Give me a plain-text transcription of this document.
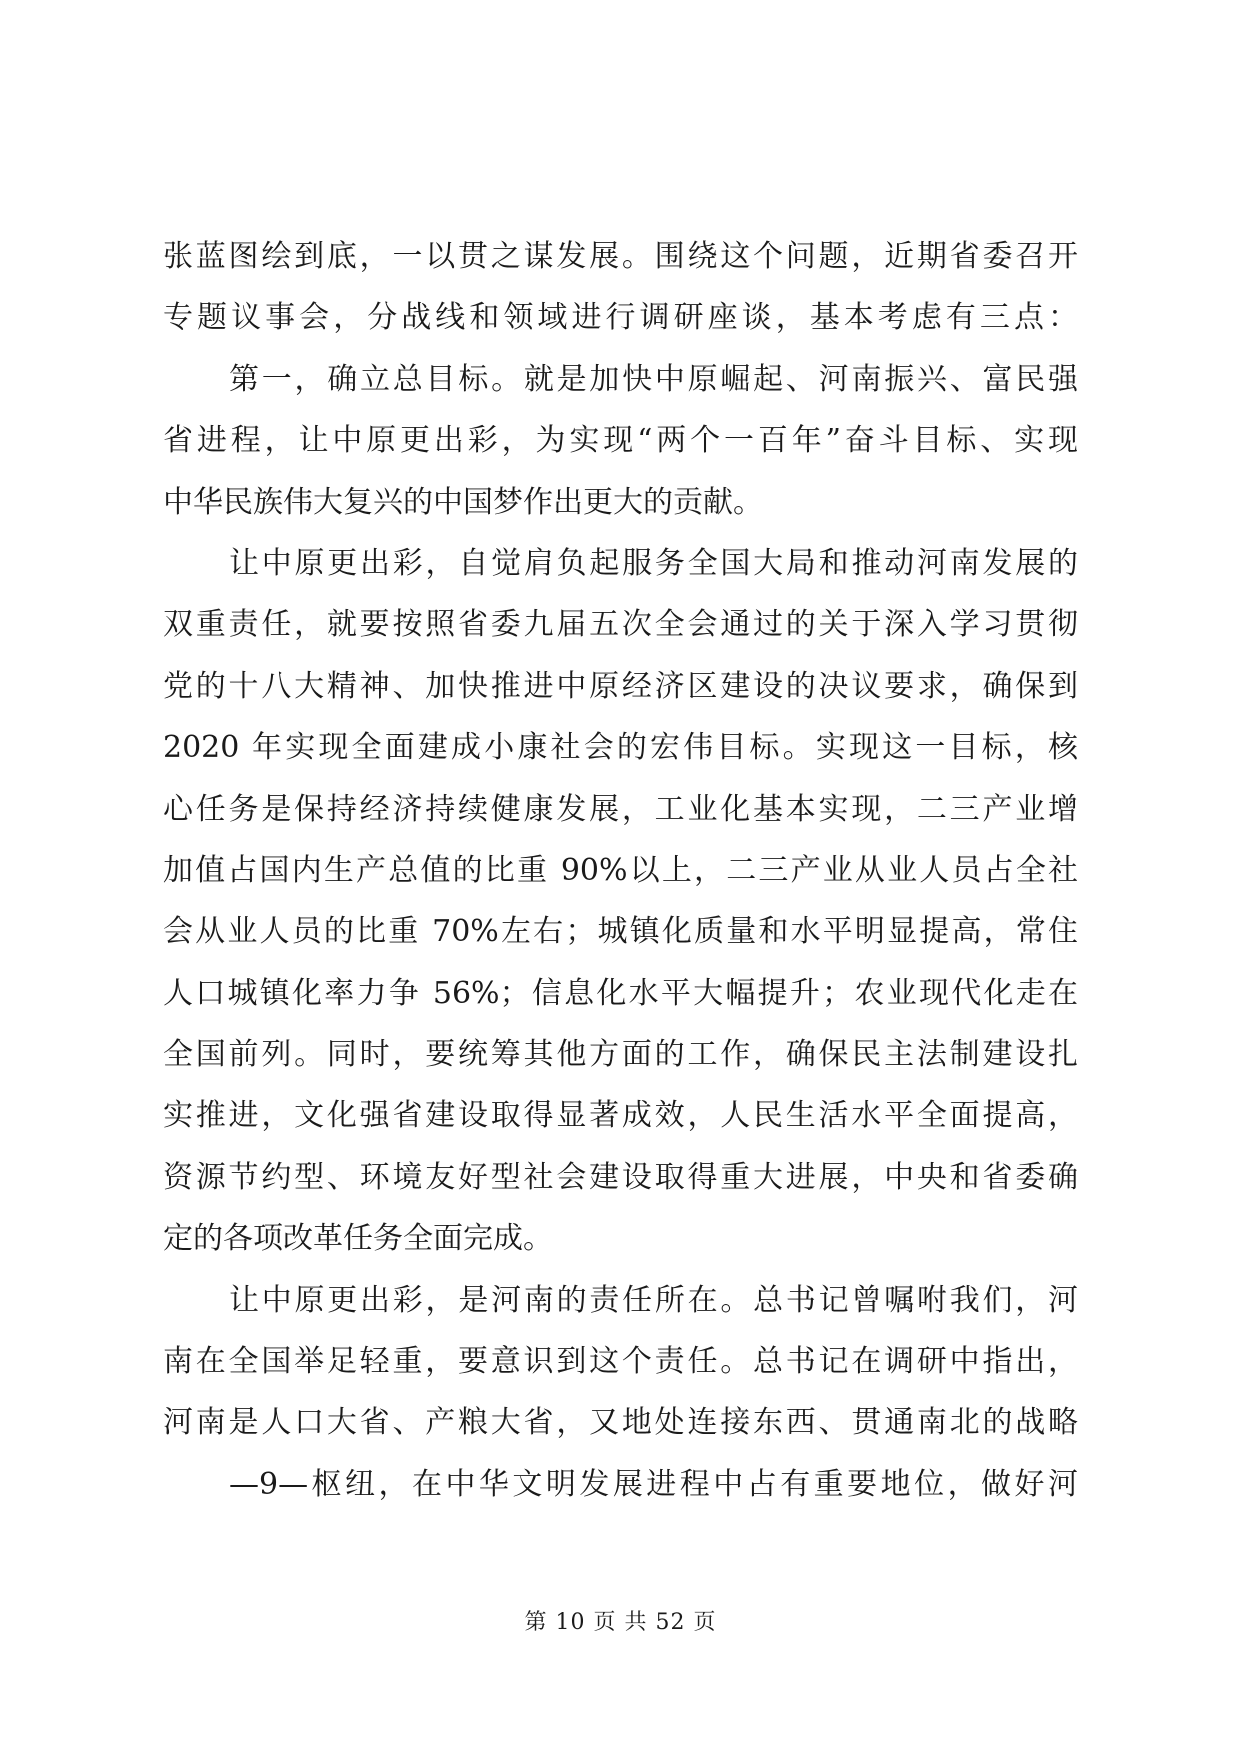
张蓝图绘到底，一以贯之谋发展。围绕这个问题，近期省委召开
专题议事会，分战线和领域进行调研座谈，基本考虑有三点：
第一，确立总目标。就是加快中原崛起、河南振兴、富民强
省进程，让中原更出彩，为实现“两个一百年”奋斗目标、实现
中华民族伟大复兴的中国梦作出更大的贡献。
让中原更出彩，自觉肩负起服务全国大局和推动河南发展的
双重责任，就要按照省委九届五次全会通过的关于深入学习贯彻
党的十八大精神、加快推进中原经济区建设的决议要求，确保到
2020 年实现全面建成小康社会的宏伟目标。实现这一目标，核
心任务是保持经济持续健康发展，工业化基本实现，二三产业增
加值占国内生产总值的比重 90%以上，二三产业从业人员占全社
会从业人员的比重 70%左右；城镇化质量和水平明显提高，常住
人口城镇化率力争 56%；信息化水平大幅提升；农业现代化走在
全国前列。同时，要统筹其他方面的工作，确保民主法制建设扎
实推进，文化强省建设取得显著成效，人民生活水平全面提高，
资源节约型、环境友好型社会建设取得重大进展，中央和省委确
定的各项改革任务全面完成。
让中原更出彩，是河南的责任所在。总书记曾嘱咐我们，河
南在全国举足轻重，要意识到这个责任。总书记在调研中指出，
河南是人口大省、产粮大省，又地处连接东西、贯通南北的战略
—9—枢纽，在中华文明发展进程中占有重要地位，做好河
第 10 页 共 52 页
